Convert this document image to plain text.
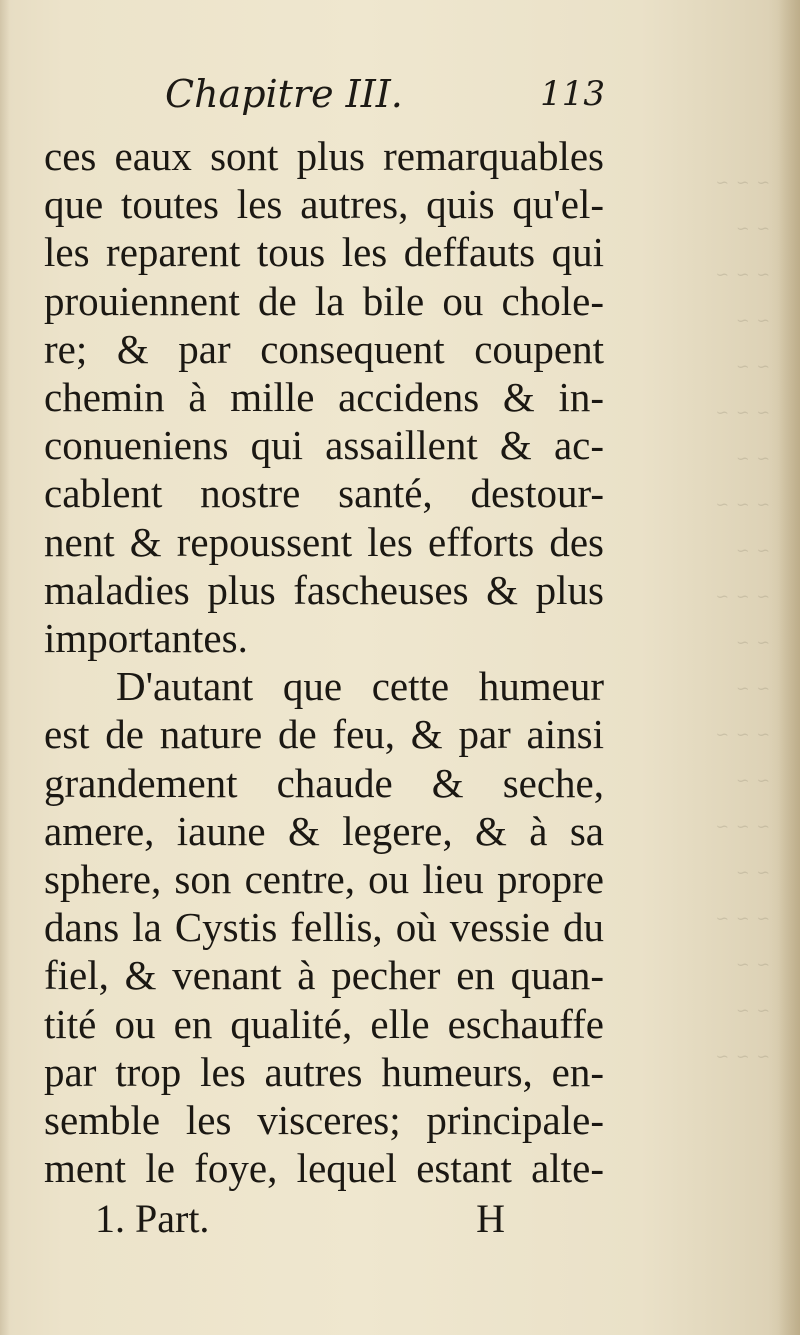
~ ~ ~
~ ~
~ ~ ~
~ ~
~ ~
~ ~ ~
~ ~
~ ~ ~
~ ~
~ ~ ~
~ ~
~ ~
~ ~ ~
~ ~
~ ~ ~
~ ~
~ ~ ~
~ ~
~ ~
~ ~ ~
Chapitre III.	113
ces eaux sont plus remarquables
que toutes les autres, quis qu'el-
les reparent tous les deffauts qui
prouiennent de la bile ou chole-
re; & par consequent coupent
chemin à mille accidens & in-
conueniens qui assaillent & ac-
cablent nostre santé, destour-
nent & repoussent les efforts des
maladies plus fascheuses & plus
importantes.
D'autant que cette humeur
est de nature de feu, & par ainsi
grandement chaude & seche,
amere, iaune & legere, & à sa
sphere, son centre, ou lieu propre
dans la Cystis fellis, où vessie du
fiel, & venant à pecher en quan-
tité ou en qualité, elle eschauffe
par trop les autres humeurs, en-
semble les visceres; principale-
ment le foye, lequel estant alte-
1. Part.	H
